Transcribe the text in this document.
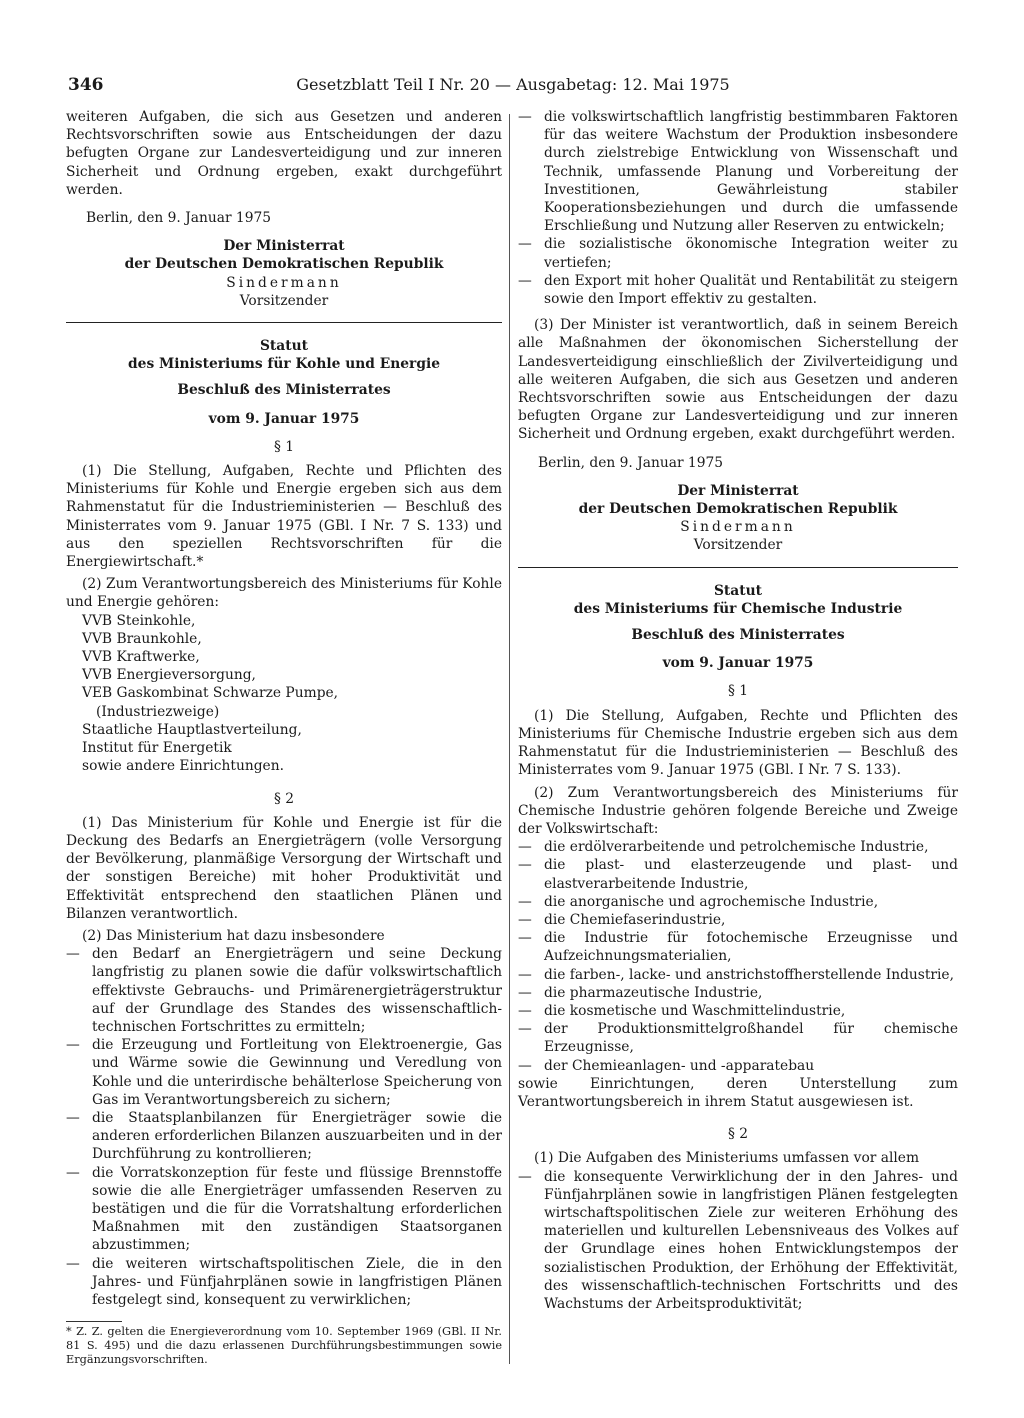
346	Gesetzblatt Teil I Nr. 20 — Ausgabetag: 12. Mai 1975

weiteren Aufgaben, die sich aus Gesetzen und anderen Rechtsvorschriften sowie aus Entscheidungen der dazu befugten Organe zur Landesverteidigung und zur inneren Sicherheit und Ordnung ergeben, exakt durchgeführt werden.

Berlin, den 9. Januar 1975

Der Ministerrat

der Deutschen Demokratischen Republik

Sindermann

Vorsitzender

Statut

des Ministeriums für Kohle und Energie

Beschluß des Ministerrates

vom 9. Januar 1975

§ 1

(1) Die Stellung, Aufgaben, Rechte und Pflichten des Ministeriums für Kohle und Energie ergeben sich aus dem Rahmenstatut für die Industrieministerien — Beschluß des Ministerrates vom 9. Januar 1975 (GBl. I Nr. 7 S. 133) und aus den speziellen Rechtsvorschriften für die Energiewirtschaft.*

(2) Zum Verantwortungsbereich des Ministeriums für Kohle und Energie gehören:

VVB Steinkohle,
VVB Braunkohle,
VVB Kraftwerke,
VVB Energieversorgung,
VEB Gaskombinat Schwarze Pumpe,
(Industriezweige)
Staatliche Hauptlastverteilung,
Institut für Energetik
sowie andere Einrichtungen.

§ 2

(1) Das Ministerium für Kohle und Energie ist für die Deckung des Bedarfs an Energieträgern (volle Versorgung der Bevölkerung, planmäßige Versorgung der Wirtschaft und der sonstigen Bereiche) mit hoher Produktivität und Effektivität entsprechend den staatlichen Plänen und Bilanzen verantwortlich.

(2) Das Ministerium hat dazu insbesondere

— den Bedarf an Energieträgern und seine Deckung langfristig zu planen sowie die dafür volkswirtschaftlich effektivste Gebrauchs- und Primärenergieträgerstruktur auf der Grundlage des Standes des wissenschaftlich-technischen Fortschrittes zu ermitteln;
— die Erzeugung und Fortleitung von Elektroenergie, Gas und Wärme sowie die Gewinnung und Veredlung von Kohle und die unterirdische behälterlose Speicherung von Gas im Verantwortungsbereich zu sichern;
— die Staatsplanbilanzen für Energieträger sowie die anderen erforderlichen Bilanzen auszuarbeiten und in der Durchführung zu kontrollieren;
— die Vorratskonzeption für feste und flüssige Brennstoffe sowie die alle Energieträger umfassenden Reserven zu bestätigen und die für die Vorratshaltung erforderlichen Maßnahmen mit den zuständigen Staatsorganen abzustimmen;
— die weiteren wirtschaftspolitischen Ziele, die in den Jahres- und Fünfjahrplänen sowie in langfristigen Plänen festgelegt sind, konsequent zu verwirklichen;

* Z. Z. gelten die Energieverordnung vom 10. September 1969 (GBl. II Nr. 81 S. 495) und die dazu erlassenen Durchführungsbestimmungen sowie Ergänzungsvorschriften.

— die volkswirtschaftlich langfristig bestimmbaren Faktoren für das weitere Wachstum der Produktion insbesondere durch zielstrebige Entwicklung von Wissenschaft und Technik, umfassende Planung und Vorbereitung der Investitionen, Gewährleistung stabiler Kooperationsbeziehungen und durch die umfassende Erschließung und Nutzung aller Reserven zu entwickeln;
— die sozialistische ökonomische Integration weiter zu vertiefen;
— den Export mit hoher Qualität und Rentabilität zu steigern sowie den Import effektiv zu gestalten.

(3) Der Minister ist verantwortlich, daß in seinem Bereich alle Maßnahmen der ökonomischen Sicherstellung der Landesverteidigung einschließlich der Zivilverteidigung und alle weiteren Aufgaben, die sich aus Gesetzen und anderen Rechtsvorschriften sowie aus Entscheidungen der dazu befugten Organe zur Landesverteidigung und zur inneren Sicherheit und Ordnung ergeben, exakt durchgeführt werden.

Berlin, den 9. Januar 1975

Der Ministerrat

der Deutschen Demokratischen Republik

Sindermann

Vorsitzender

Statut

des Ministeriums für Chemische Industrie

Beschluß des Ministerrates

vom 9. Januar 1975

§ 1

(1) Die Stellung, Aufgaben, Rechte und Pflichten des Ministeriums für Chemische Industrie ergeben sich aus dem Rahmenstatut für die Industrieministerien — Beschluß des Ministerrates vom 9. Januar 1975 (GBl. I Nr. 7 S. 133).

(2) Zum Verantwortungsbereich des Ministeriums für Chemische Industrie gehören folgende Bereiche und Zweige der Volkswirtschaft:

— die erdölverarbeitende und petrolchemische Industrie,
— die plast- und elasterzeugende und plast- und elastverarbeitende Industrie,
— die anorganische und agrochemische Industrie,
— die Chemiefaserindustrie,
— die Industrie für fotochemische Erzeugnisse und Aufzeichnungsmaterialien,
— die farben-, lacke- und anstrichstoffherstellende Industrie,
— die pharmazeutische Industrie,
— die kosmetische und Waschmittelindustrie,
— der Produktionsmittelgroßhandel für chemische Erzeugnisse,
— der Chemieanlagen- und -apparatebau

sowie Einrichtungen, deren Unterstellung zum Verantwortungsbereich in ihrem Statut ausgewiesen ist.

§ 2

(1) Die Aufgaben des Ministeriums umfassen vor allem

— die konsequente Verwirklichung der in den Jahres- und Fünfjahrplänen sowie in langfristigen Plänen festgelegten wirtschaftspolitischen Ziele zur weiteren Erhöhung des materiellen und kulturellen Lebensniveaus des Volkes auf der Grundlage eines hohen Entwicklungstempos der sozialistischen Produktion, der Erhöhung der Effektivität, des wissenschaftlich-technischen Fortschritts und des Wachstums der Arbeitsproduktivität;
